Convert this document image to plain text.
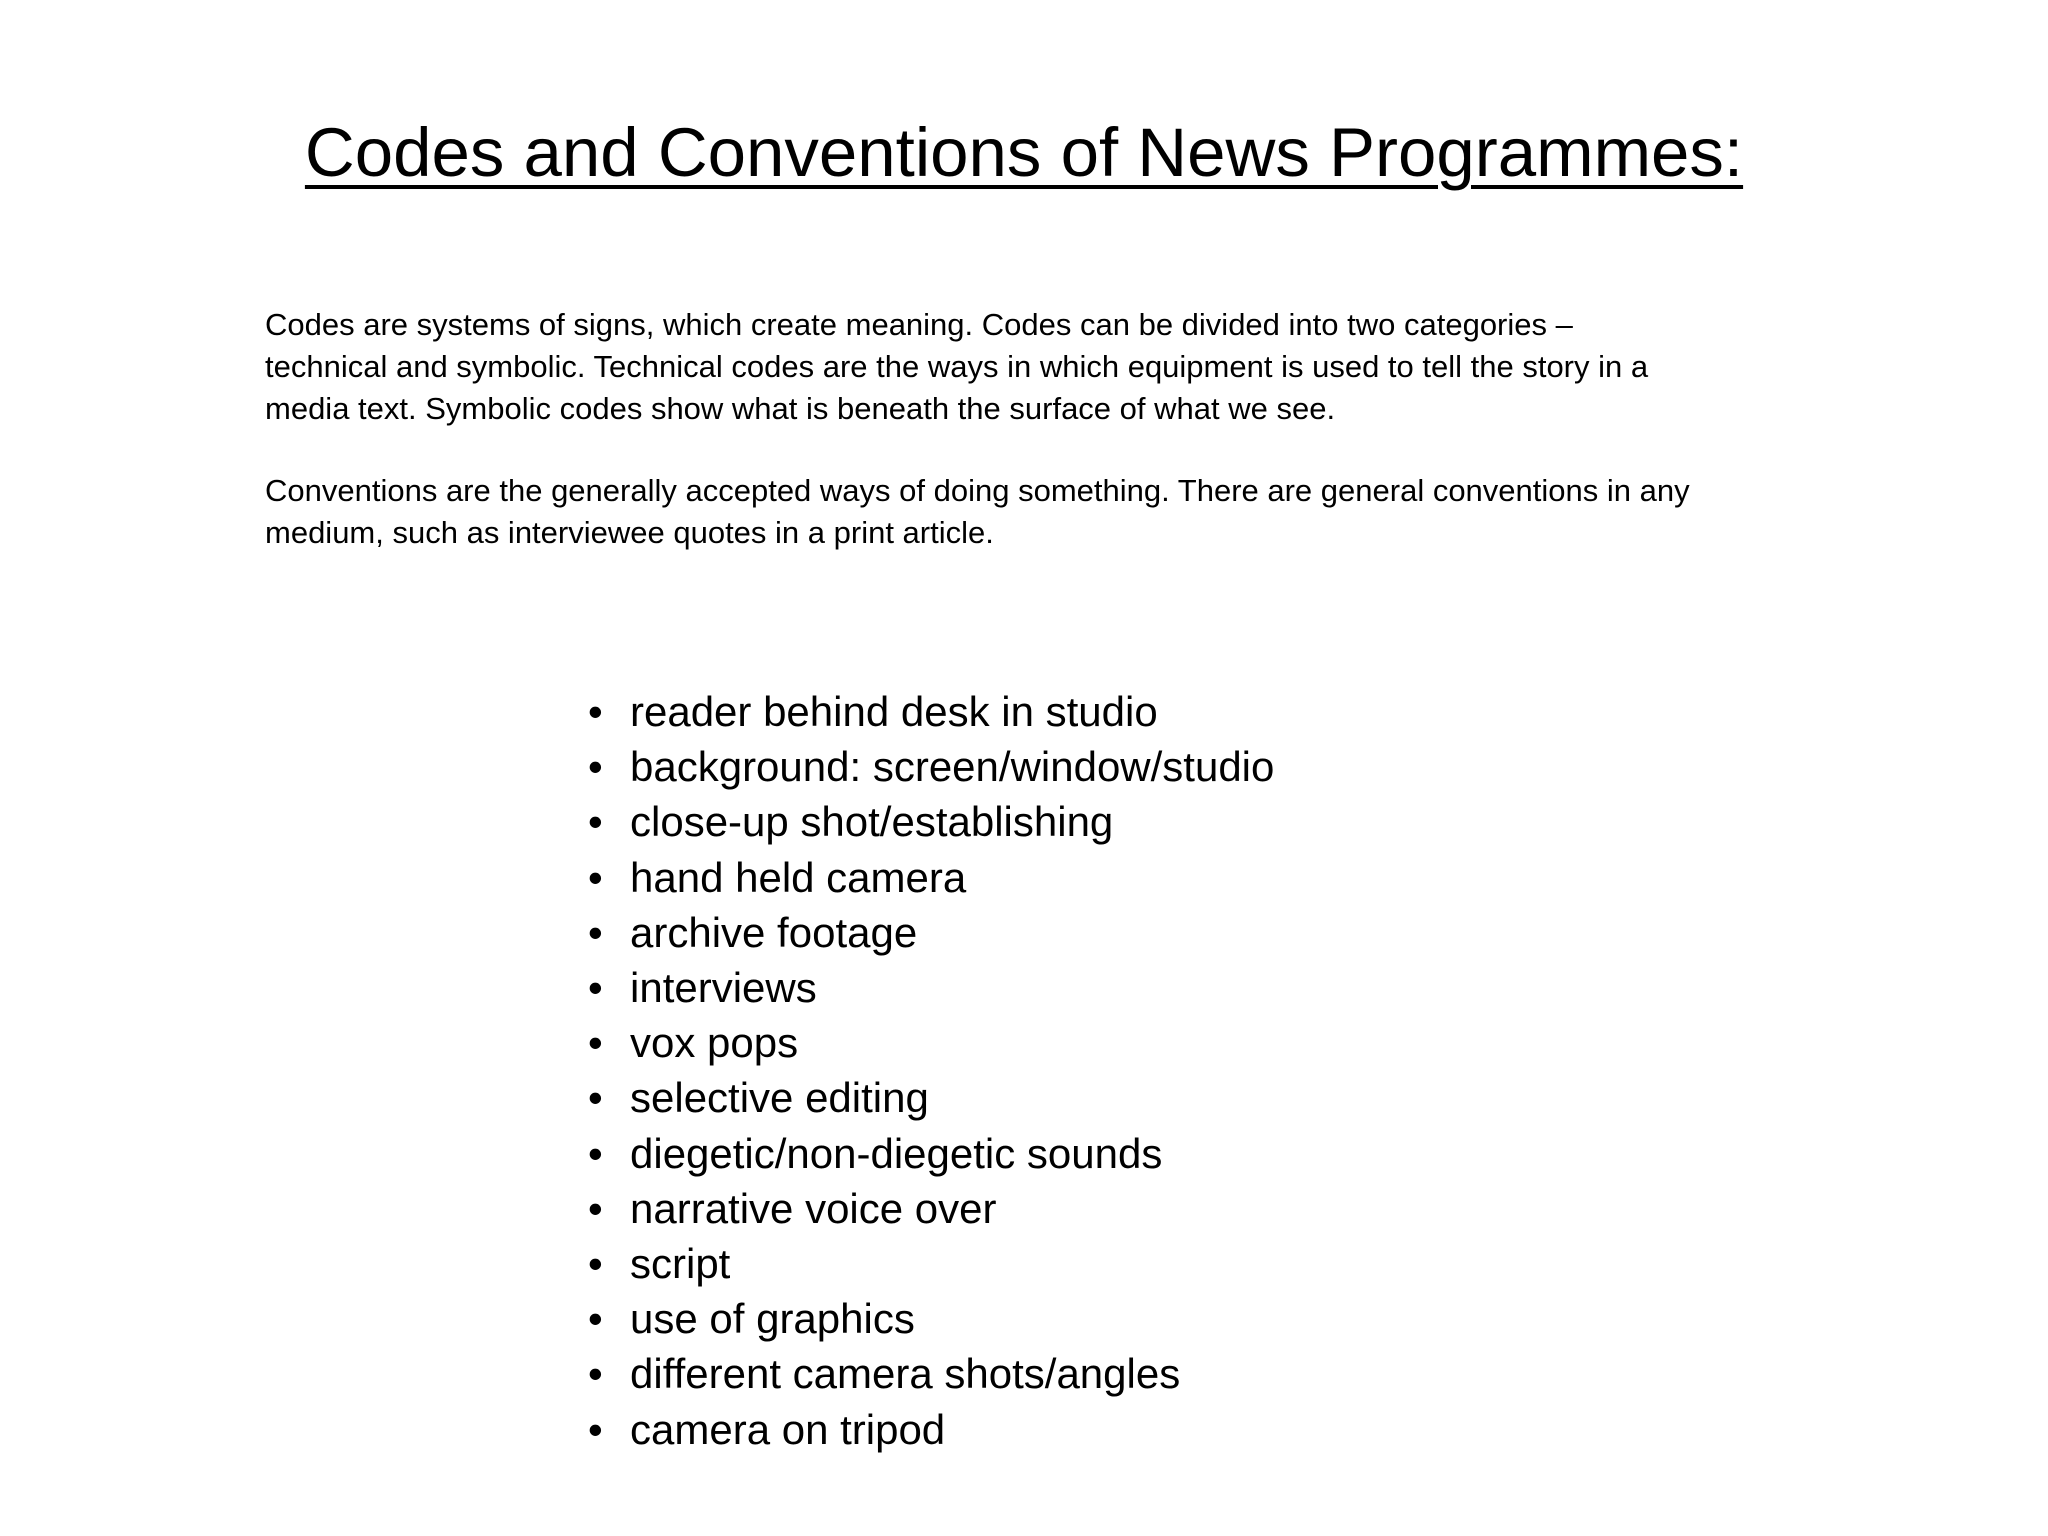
Codes and Conventions of News Programmes:

Codes are systems of signs, which create meaning. Codes can be divided into two categories –
technical and symbolic. Technical codes are the ways in which equipment is used to tell the story in a
media text. Symbolic codes show what is beneath the surface of what we see.

Conventions are the generally accepted ways of doing something. There are general conventions in any
medium, such as interviewee quotes in a print article.

• reader behind desk in studio
• background: screen/window/studio
• close-up shot/establishing
• hand held camera
• archive footage
• interviews
• vox pops
• selective editing
• diegetic/non-diegetic sounds
• narrative voice over
• script
• use of graphics
• different camera shots/angles
• camera on tripod
